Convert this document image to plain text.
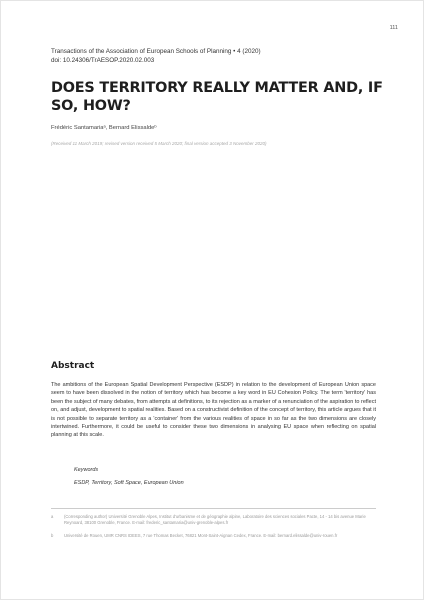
111
Transactions of the Association of European Schools of Planning • 4 (2020)
doi: 10.24306/TrAESOP.2020.02.003
DOES TERRITORY REALLY MATTER AND, IF SO, HOW?
Frédéric Santamariaᵃ, Bernard Elissaldeᵇ
(Received 11 March 2019; revised version received 5 March 2020; final version accepted 3 November 2020)
Abstract

The ambitions of the European Spatial Development Perspective (ESDP) in relation to the development of European Union space seem to have been dissolved in the notion of territory which has become a key word in EU Cohesion Policy. The term 'territory' has been the subject of many debates, from attempts at definitions, to its rejection as a marker of a renunciation of the aspiration to reflect on, and adjust, development to spatial realities. Based on a constructivist definition of the concept of territory, this article argues that it is not possible to separate territory as a 'container' from the various realities of space in so far as the two dimensions are closely intertwined. Furthermore, it could be useful to consider these two dimensions in analysing EU space when reflecting on spatial planning at this scale.

Keywords
ESDP, Territory, Soft Space, European Union
a	(Corresponding author) Université Grenoble Alpes, Institut d'urbanisme et de géographie alpine, Laboratoire des sciences sociales Pacte, 14 - 14 bis avenue Marie Reynoard, 38100 Grenoble, France. E-mail: frederic_santamaria@univ-grenoble-alpes.fr
b	Université de Rouen, UMR CNRS IDEES, 7 rue Thomas Becket, 76821 Mont-Saint-Aignan Cedex, France. E-mail: bernard.elissalde@univ-rouen.fr
